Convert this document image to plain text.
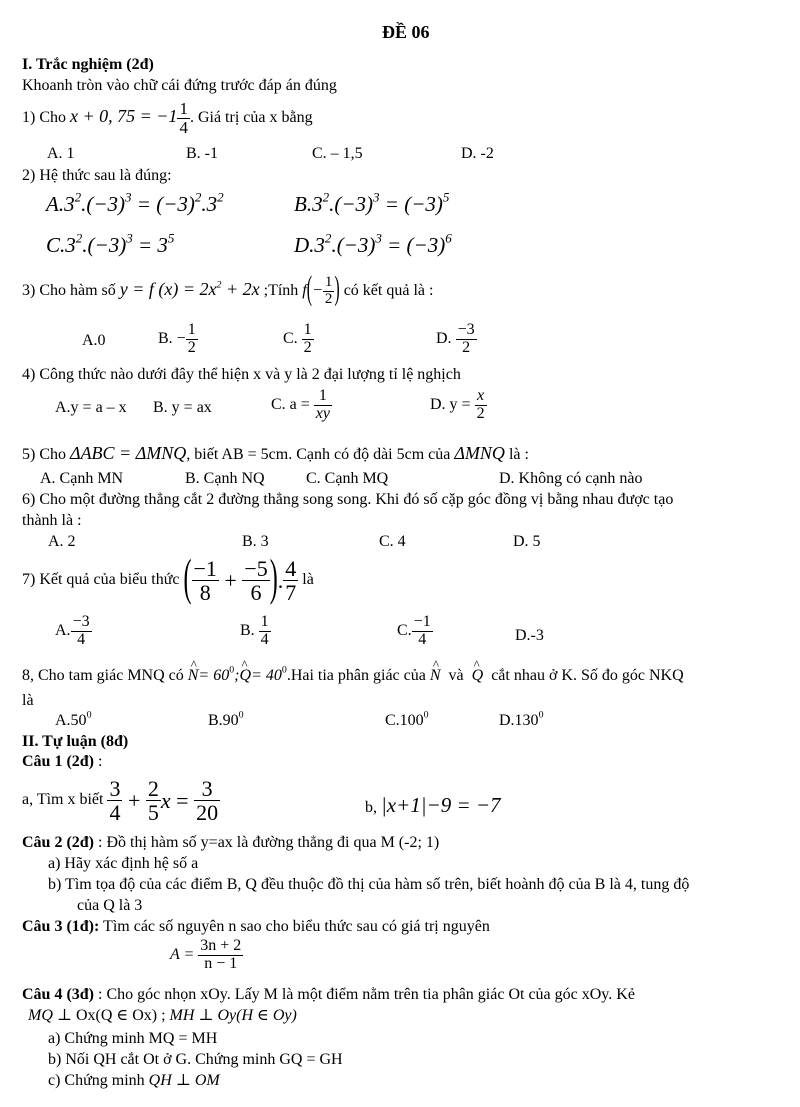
ĐỀ 06
I. Trắc nghiệm (2đ)
Khoanh tròn vào chữ cái đứng trước đáp án đúng
1) Cho x + 0, $75 = -1 \frac{1}{4}$ . Giá trị của x bằng
A. 1	B. -1	C. – 1,5	D. -2
2) Hệ thức sau là đúng:
$A.3^2.(-3)^3 = (-3)^2.3^2$	$B.3^2.(-3)^3 = (-3)^5$
$C.3^2.(-3)^3 = 3^5$	$D.3^2.(-3)^3 = (-3)^6$
3) Cho hàm số y = f $(x) = 2x^2 + 2x$ ;Tính $f(- \frac{1}{2}$ ) có kết quả là :
A.0	B. − $\frac{1}{2}$	C. $\frac{1}{2}$	D. $\frac{-3}{2}$
4) Công thức nào dưới đây thể hiện x và y là 2 đại lượng tỉ lệ nghịch
A.y = a – x B. y = ax	C. $a = \frac{1}{xy}$	D. $y = \frac{x}{2}$
5) Cho ΔABC = ΔMNQ, biết AB = 5cm. Cạnh có độ dài 5cm của ΔMNQ là :
A. Cạnh MN	B. Cạnh NQ	C. Cạnh MQ	D. Không có cạnh nào
6) Cho một đường thẳng cắt 2 đường thẳng song song. Khi đó số cặp góc đồng vị bằng nhau được tạo
thành là :
A. 2	B. 3	C. 4	D. 5
7) Kết quả của biểu thức ( $\frac{-1}{8} + \frac{-5}{6}$ ). $\frac{4}{7}$ là
A. $\frac{-3}{4}$	B. $\frac{1}{4}$	C. $\frac{-1}{4}$	D.-3
8, Cho tam giác MNQ có ^ $N= 60^0;\^{}$ $Q= 40^0.Hai$ tia phân giác của ^ N và ^ Q cắt nhau ở K. Số đo góc NKQ
là
$A.50^0$	$B.90^0$	C.100$^0$	D.130$^0$
II. Tự luận (8đ)
Câu 1 (2đ) :
a, Tìm x biết $\frac{3}{4} + \frac{2}{5}$ $x = \frac{3}{20}$	b, |x+1|−9 = −7
Câu 2 (2đ) : Đồ thị hàm số y=ax là đường thẳng đi qua M (-2; 1)
a) Hãy xác định hệ số a
b) Tìm tọa độ của các điểm B, Q đều thuộc đồ thị của hàm số trên, biết hoành độ của B là 4, tung độ
của Q là 3
Câu 3 (1đ): Tìm các số nguyên n sao cho biểu thức sau có giá trị nguyên
$A = \frac{3n + 2}{n - 1}$
Câu 4 (3đ) : Cho góc nhọn xOy. Lấy M là một điểm nằm trên tia phân giác Ot của góc xOy. Kẻ
MQ ⊥ Ox(Q ∈ Ox) ; MH ⊥ Oy(H ∈ Oy)
a) Chứng minh MQ = MH
b) Nối QH cắt Ot ở G. Chứng minh GQ = GH
c) Chứng minh QH ⊥ OM
